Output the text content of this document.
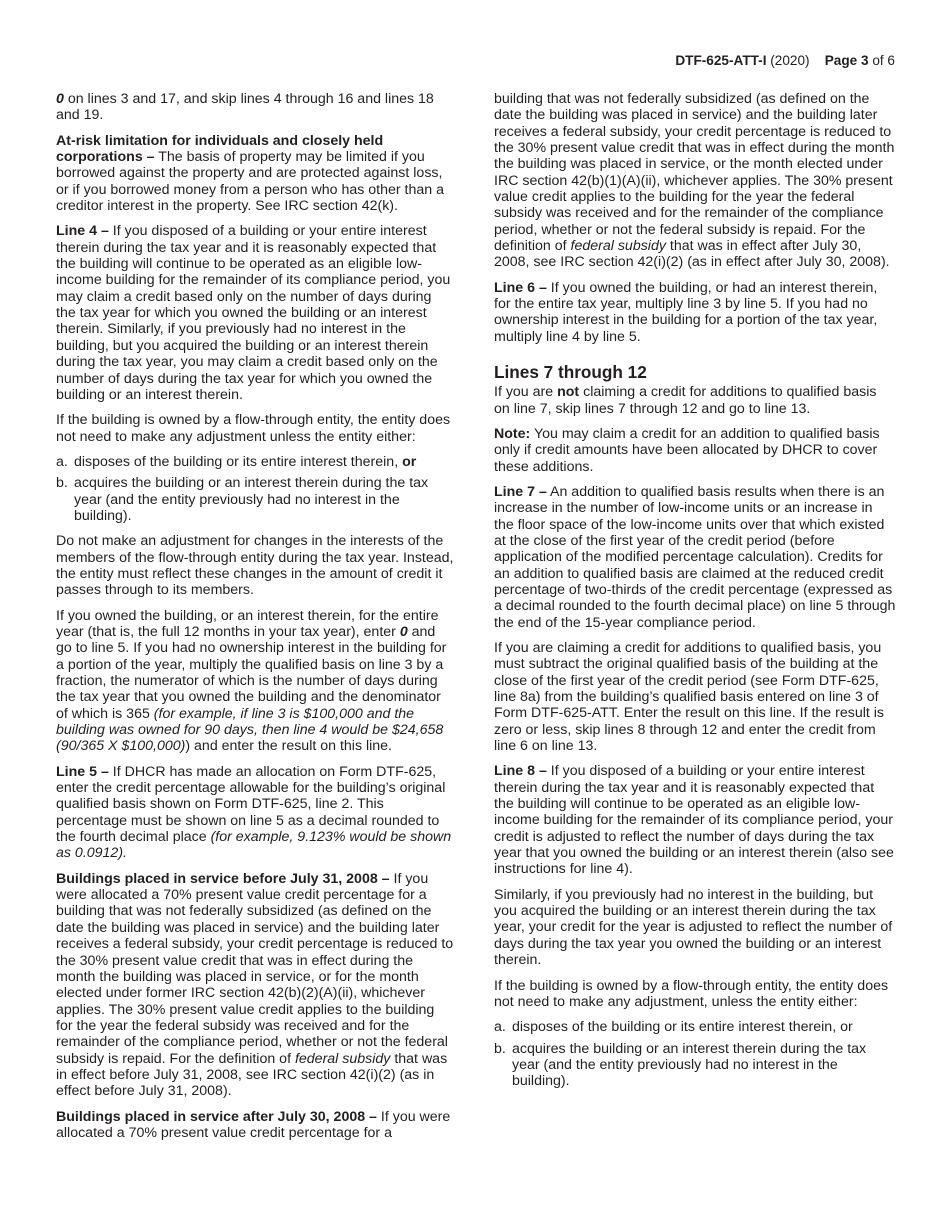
DTF-625-ATT-I (2020) Page 3 of 6

0 on lines 3 and 17, and skip lines 4 through 16 and lines 18 and 19.

At-risk limitation for individuals and closely held corporations – The basis of property may be limited if you borrowed against the property and are protected against loss, or if you borrowed money from a person who has other than a creditor interest in the property. See IRC section 42(k).

Line 4 – If you disposed of a building or your entire interest therein during the tax year and it is reasonably expected that the building will continue to be operated as an eligible low-income building for the remainder of its compliance period, you may claim a credit based only on the number of days during the tax year for which you owned the building or an interest therein. Similarly, if you previously had no interest in the building, but you acquired the building or an interest therein during the tax year, you may claim a credit based only on the number of days during the tax year for which you owned the building or an interest therein.

If the building is owned by a flow-through entity, the entity does not need to make any adjustment unless the entity either:

a. disposes of the building or its entire interest therein, or
b. acquires the building or an interest therein during the tax year (and the entity previously had no interest in the building).

Do not make an adjustment for changes in the interests of the members of the flow-through entity during the tax year. Instead, the entity must reflect these changes in the amount of credit it passes through to its members.

If you owned the building, or an interest therein, for the entire year (that is, the full 12 months in your tax year), enter 0 and go to line 5. If you had no ownership interest in the building for a portion of the year, multiply the qualified basis on line 3 by a fraction, the numerator of which is the number of days during the tax year that you owned the building and the denominator of which is 365 (for example, if line 3 is $100,000 and the building was owned for 90 days, then line 4 would be $24,658 (90/365 X $100,000)) and enter the result on this line.

Line 5 – If DHCR has made an allocation on Form DTF-625, enter the credit percentage allowable for the building’s original qualified basis shown on Form DTF-625, line 2. This percentage must be shown on line 5 as a decimal rounded to the fourth decimal place (for example, 9.123% would be shown as 0.0912).

Buildings placed in service before July 31, 2008 – If you were allocated a 70% present value credit percentage for a building that was not federally subsidized (as defined on the date the building was placed in service) and the building later receives a federal subsidy, your credit percentage is reduced to the 30% present value credit that was in effect during the month the building was placed in service, or for the month elected under former IRC section 42(b)(2)(A)(ii), whichever applies. The 30% present value credit applies to the building for the year the federal subsidy was received and for the remainder of the compliance period, whether or not the federal subsidy is repaid. For the definition of federal subsidy that was in effect before July 31, 2008, see IRC section 42(i)(2) (as in effect before July 31, 2008).

Buildings placed in service after July 30, 2008 – If you were allocated a 70% present value credit percentage for a

building that was not federally subsidized (as defined on the date the building was placed in service) and the building later receives a federal subsidy, your credit percentage is reduced to the 30% present value credit that was in effect during the month the building was placed in service, or the month elected under IRC section 42(b)(1)(A)(ii), whichever applies. The 30% present value credit applies to the building for the year the federal subsidy was received and for the remainder of the compliance period, whether or not the federal subsidy is repaid. For the definition of federal subsidy that was in effect after July 30, 2008, see IRC section 42(i)(2) (as in effect after July 30, 2008).

Line 6 – If you owned the building, or had an interest therein, for the entire tax year, multiply line 3 by line 5. If you had no ownership interest in the building for a portion of the tax year, multiply line 4 by line 5.

Lines 7 through 12

If you are not claiming a credit for additions to qualified basis on line 7, skip lines 7 through 12 and go to line 13.

Note: You may claim a credit for an addition to qualified basis only if credit amounts have been allocated by DHCR to cover these additions.

Line 7 – An addition to qualified basis results when there is an increase in the number of low-income units or an increase in the floor space of the low-income units over that which existed at the close of the first year of the credit period (before application of the modified percentage calculation). Credits for an addition to qualified basis are claimed at the reduced credit percentage of two-thirds of the credit percentage (expressed as a decimal rounded to the fourth decimal place) on line 5 through the end of the 15-year compliance period.

If you are claiming a credit for additions to qualified basis, you must subtract the original qualified basis of the building at the close of the first year of the credit period (see Form DTF-625, line 8a) from the building’s qualified basis entered on line 3 of Form DTF-625-ATT. Enter the result on this line. If the result is zero or less, skip lines 8 through 12 and enter the credit from line 6 on line 13.

Line 8 – If you disposed of a building or your entire interest therein during the tax year and it is reasonably expected that the building will continue to be operated as an eligible low-income building for the remainder of its compliance period, your credit is adjusted to reflect the number of days during the tax year that you owned the building or an interest therein (also see instructions for line 4).

Similarly, if you previously had no interest in the building, but you acquired the building or an interest therein during the tax year, your credit for the year is adjusted to reflect the number of days during the tax year you owned the building or an interest therein.

If the building is owned by a flow-through entity, the entity does not need to make any adjustment, unless the entity either:

a. disposes of the building or its entire interest therein, or
b. acquires the building or an interest therein during the tax year (and the entity previously had no interest in the building).
